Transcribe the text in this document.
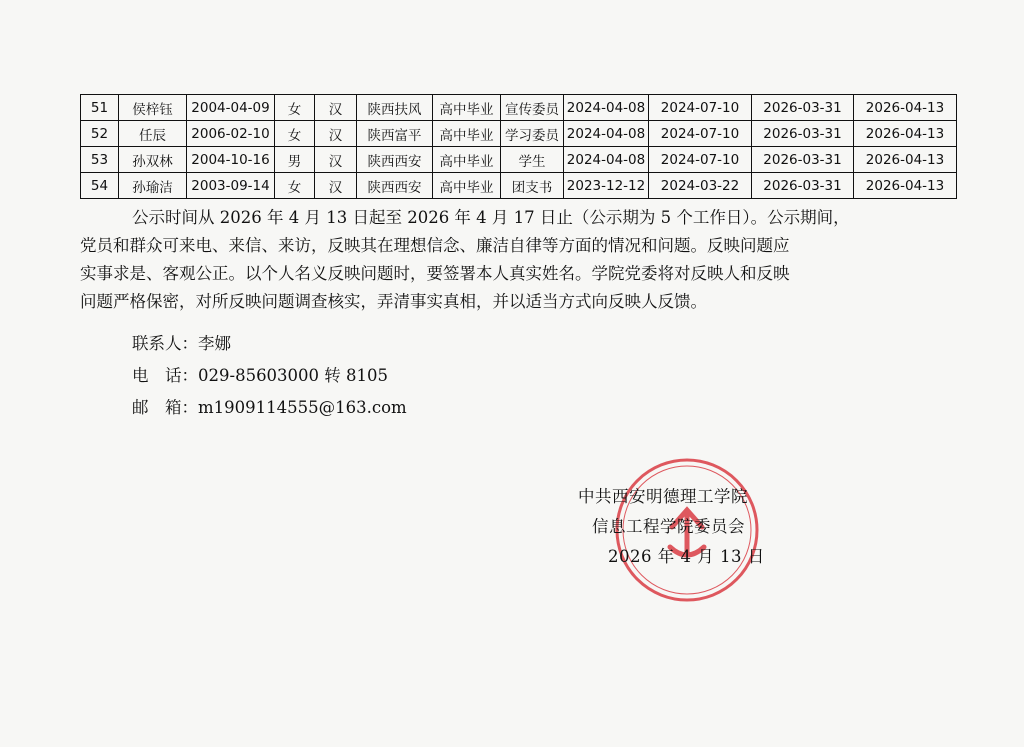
51	侯梓钰	2004-04-09	女	汉	陕西扶风	高中毕业	宣传委员	2024-04-08	2024-07-10	2026-03-31	2026-04-13
52	任辰	2006-02-10	女	汉	陕西富平	高中毕业	学习委员	2024-04-08	2024-07-10	2026-03-31	2026-04-13
53	孙双林	2004-10-16	男	汉	陕西西安	高中毕业	学生	2024-04-08	2024-07-10	2026-03-31	2026-04-13
54	孙瑜洁	2003-09-14	女	汉	陕西西安	高中毕业	团支书	2023-12-12	2024-03-22	2026-03-31	2026-04-13
公示时间从 2026 年 4 月 13 日起至 2026 年 4 月 17 日止（公示期为 5 个工作日）。公示期间，
党员和群众可来电、来信、来访，反映其在理想信念、廉洁自律等方面的情况和问题。反映问题应
实事求是、客观公正。以个人名义反映问题时，要签署本人真实姓名。学院党委将对反映人和反映
问题严格保密，对所反映问题调查核实，弄清事实真相，并以适当方式向反映人反馈。
联系人：李娜
电　话：029-85603000 转 8105
邮　箱：m1909114555@163.com
中共西安明德理工学院
信息工程学院委员会
2026 年 4 月 13 日
